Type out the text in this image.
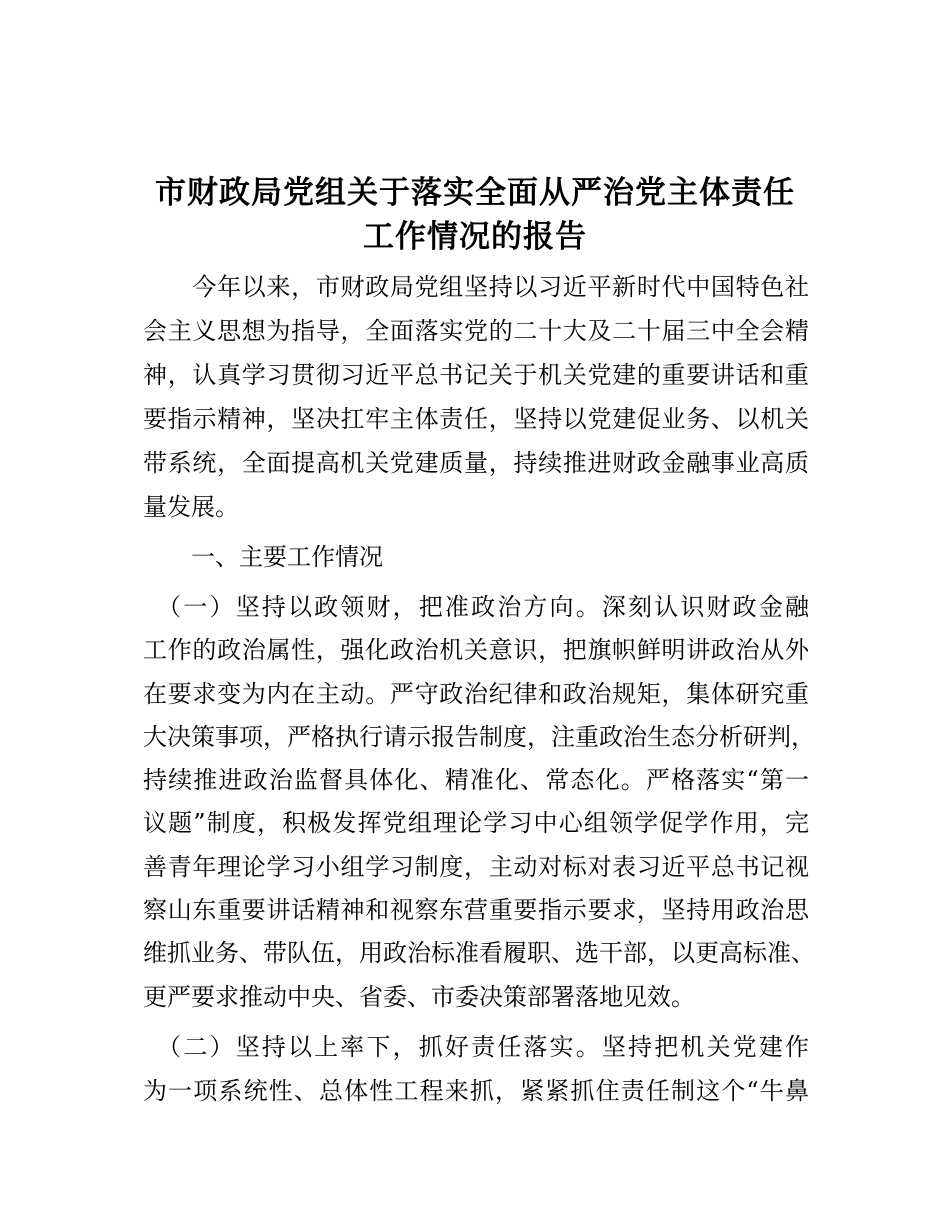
市财政局党组关于落实全面从严治党主体责任
工作情况的报告
　　今年以来，市财政局党组坚持以习近平新时代中国特色社
会主义思想为指导，全面落实党的二十大及二十届三中全会精
神，认真学习贯彻习近平总书记关于机关党建的重要讲话和重
要指示精神，坚决扛牢主体责任，坚持以党建促业务、以机关
带系统，全面提高机关党建质量，持续推进财政金融事业高质
量发展。
　　一、主要工作情况
　（一）坚持以政领财，把准政治方向。深刻认识财政金融
工作的政治属性，强化政治机关意识，把旗帜鲜明讲政治从外
在要求变为内在主动。严守政治纪律和政治规矩，集体研究重
大决策事项，严格执行请示报告制度，注重政治生态分析研判，
持续推进政治监督具体化、精准化、常态化。严格落实“第一
议题”制度，积极发挥党组理论学习中心组领学促学作用，完
善青年理论学习小组学习制度，主动对标对表习近平总书记视
察山东重要讲话精神和视察东营重要指示要求，坚持用政治思
维抓业务、带队伍，用政治标准看履职、选干部，以更高标准、
更严要求推动中央、省委、市委决策部署落地见效。
　（二）坚持以上率下，抓好责任落实。坚持把机关党建作
为一项系统性、总体性工程来抓，紧紧抓住责任制这个“牛鼻
